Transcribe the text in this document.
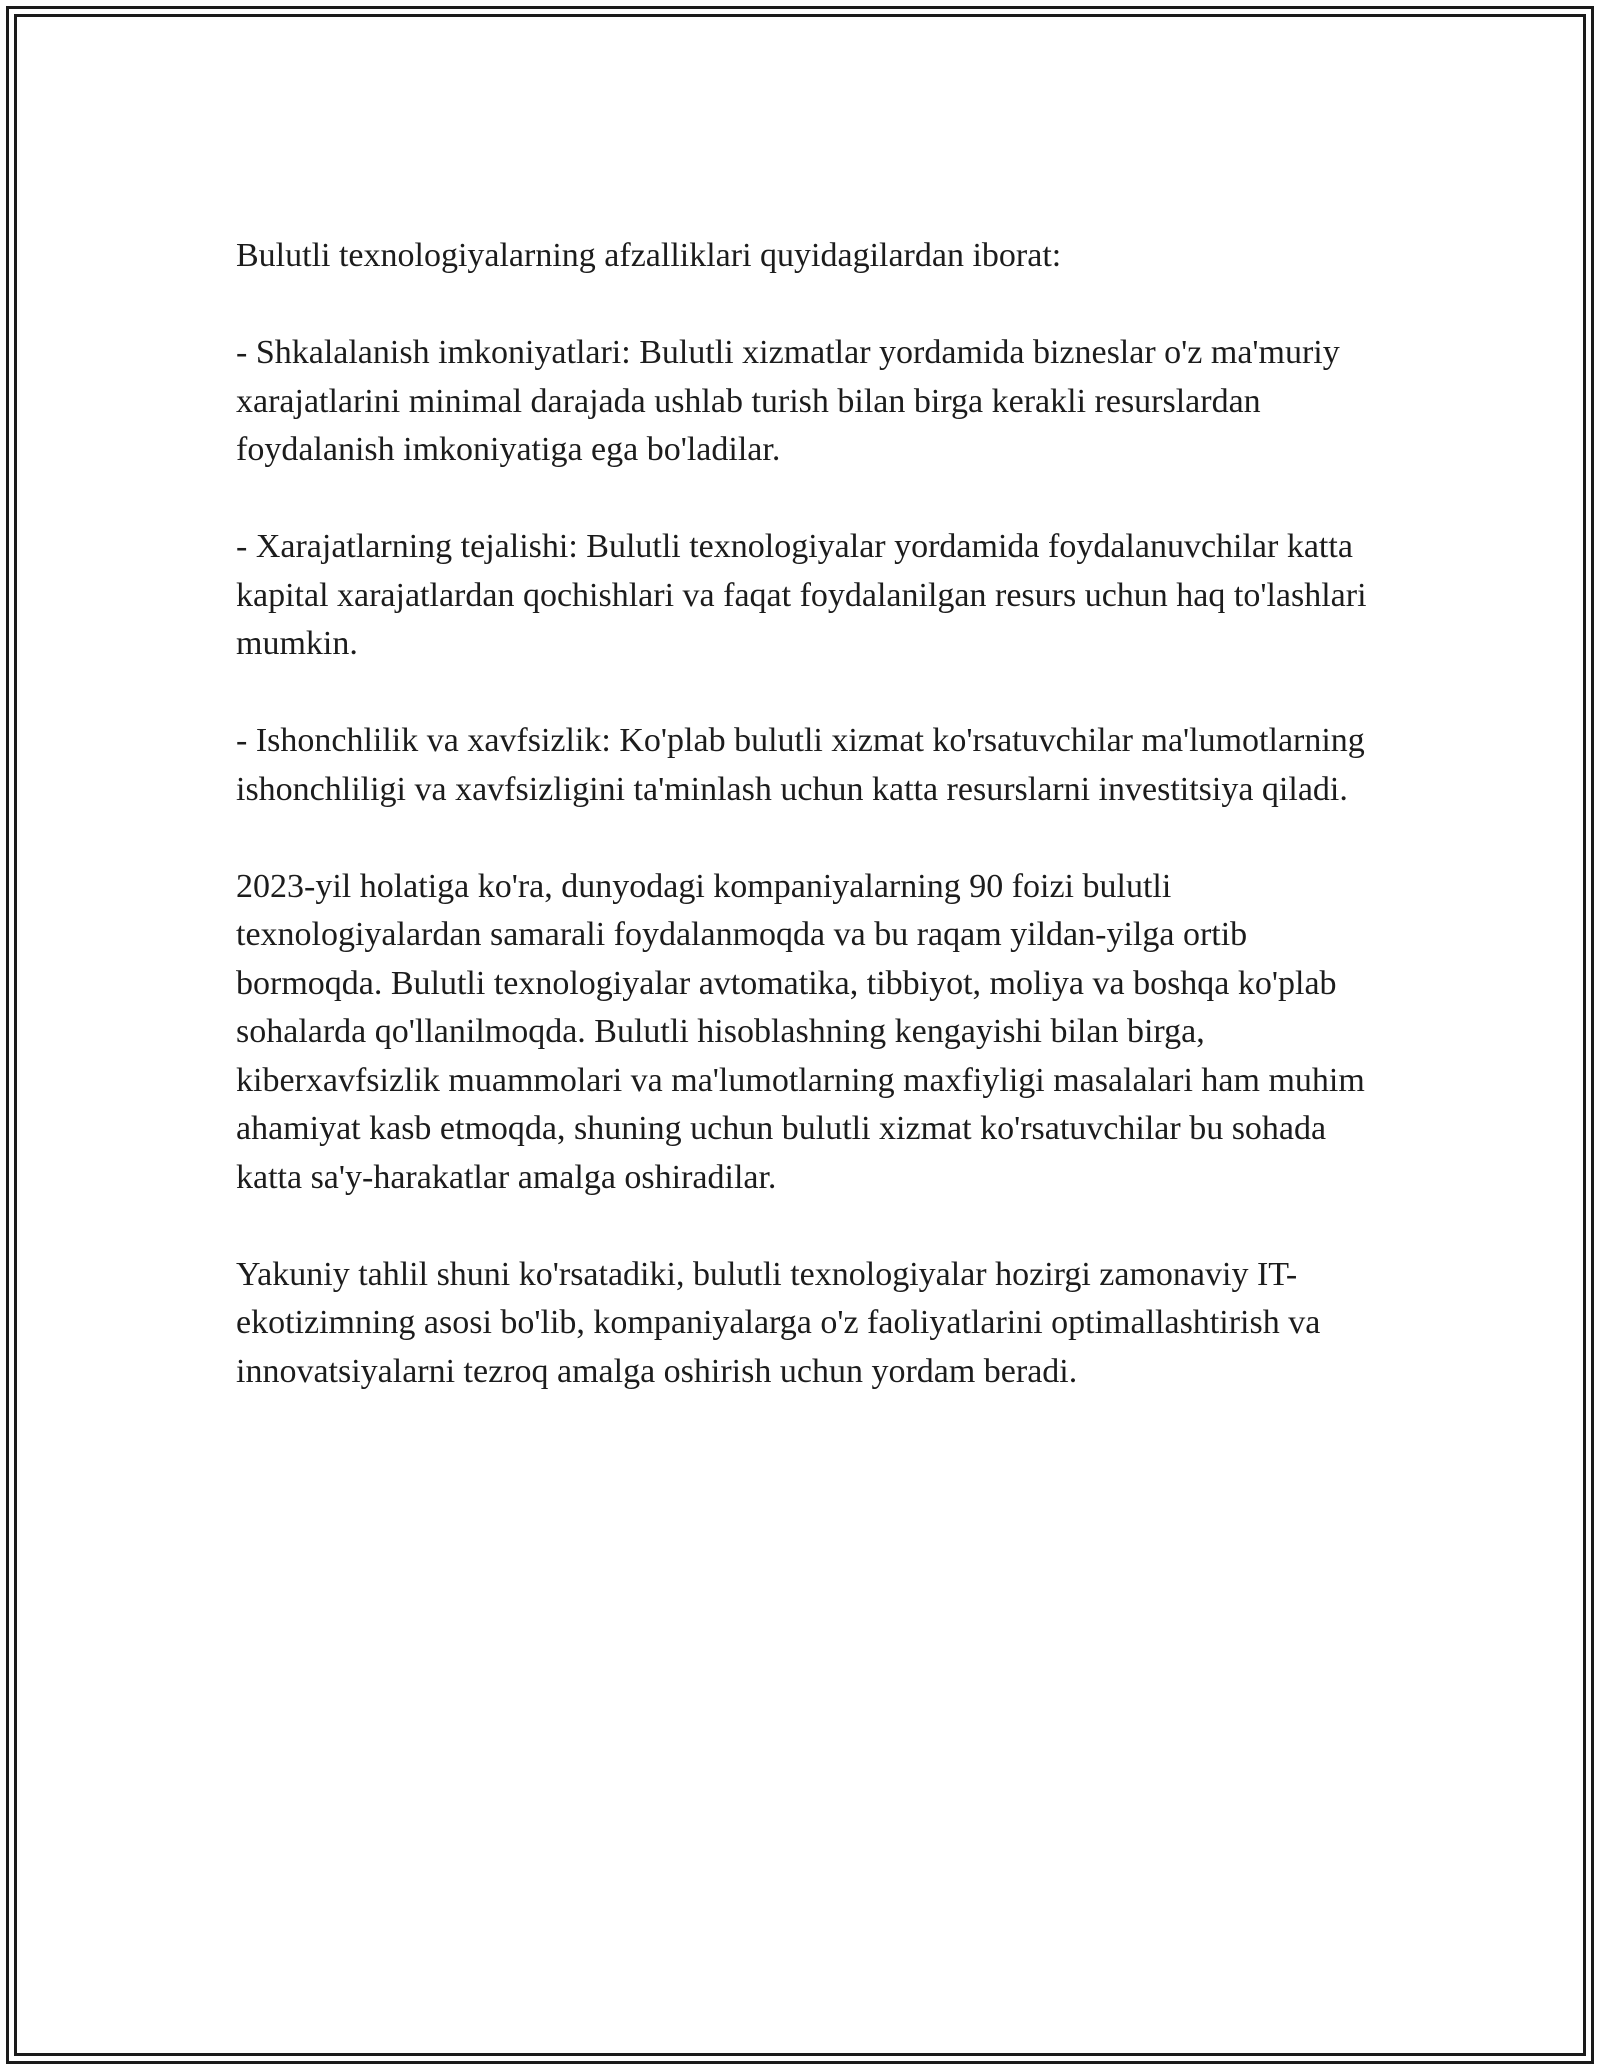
Bulutli texnologiyalarning afzalliklari quyidagilardan iborat:

- Shkalalanish imkoniyatlari: Bulutli xizmatlar yordamida bizneslar o'z ma'muriy xarajatlarini minimal darajada ushlab turish bilan birga kerakli resurslardan foydalanish imkoniyatiga ega bo'ladilar.

- Xarajatlarning tejalishi: Bulutli texnologiyalar yordamida foydalanuvchilar katta kapital xarajatlardan qochishlari va faqat foydalanilgan resurs uchun haq to'lashlari mumkin.

- Ishonchlilik va xavfsizlik: Ko'plab bulutli xizmat ko'rsatuvchilar ma'lumotlarning ishonchliligi va xavfsizligini ta'minlash uchun katta resurslarni investitsiya qiladi.

2023-yil holatiga ko'ra, dunyodagi kompaniyalarning 90 foizi bulutli texnologiyalardan samarali foydalanmoqda va bu raqam yildan-yilga ortib bormoqda. Bulutli texnologiyalar avtomatika, tibbiyot, moliya va boshqa ko'plab sohalarda qo'llanilmoqda. Bulutli hisoblashning kengayishi bilan birga, kiberxavfsizlik muammolari va ma'lumotlarning maxfiyligi masalalari ham muhim ahamiyat kasb etmoqda, shuning uchun bulutli xizmat ko'rsatuvchilar bu sohada katta sa'y-harakatlar amalga oshiradilar.

Yakuniy tahlil shuni ko'rsatadiki, bulutli texnologiyalar hozirgi zamonaviy IT-ekotizimning asosi bo'lib, kompaniyalarga o'z faoliyatlarini optimallashtirish va innovatsiyalarni tezroq amalga oshirish uchun yordam beradi.
